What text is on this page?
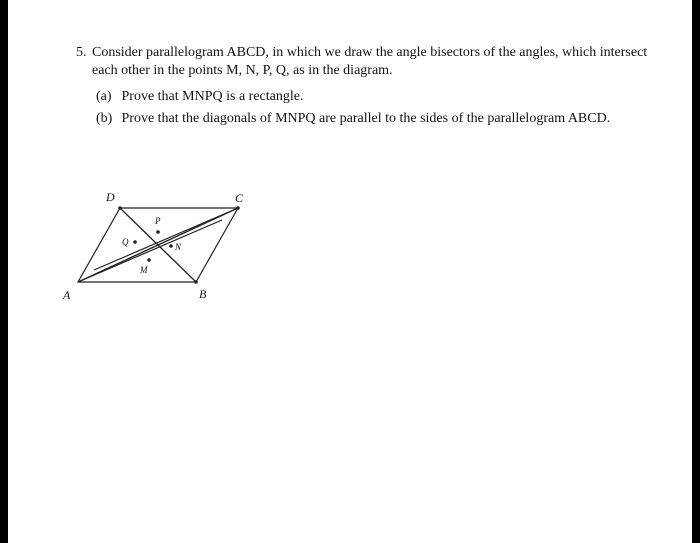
5. Consider parallelogram ABCD, in which we draw the angle bisectors of the angles, which intersect each other in the points M, N, P, Q, as in the diagram.
(a) Prove that MNPQ is a rectangle.
(b) Prove that the diagonals of MNPQ are parallel to the sides of the parallelogram ABCD.
A	B
C
D
P
Q	N
M
